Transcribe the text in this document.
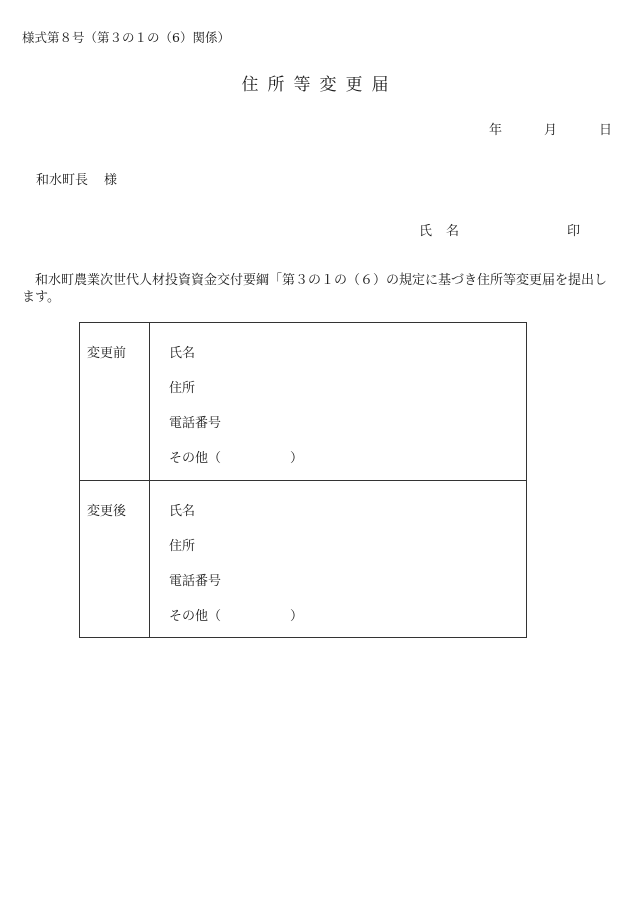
様式第８号（第３の１の（6）関係）
住所等変更届
年	月	日
和水町長 様
氏 名	印
和水町農業次世代人材投資資金交付要綱「第３の１の（６）の規定に基づき住所等変更届を提出します。
変更前	氏名
住所
電話番号
その他（	）
変更後	氏名
住所
電話番号
その他（	）
